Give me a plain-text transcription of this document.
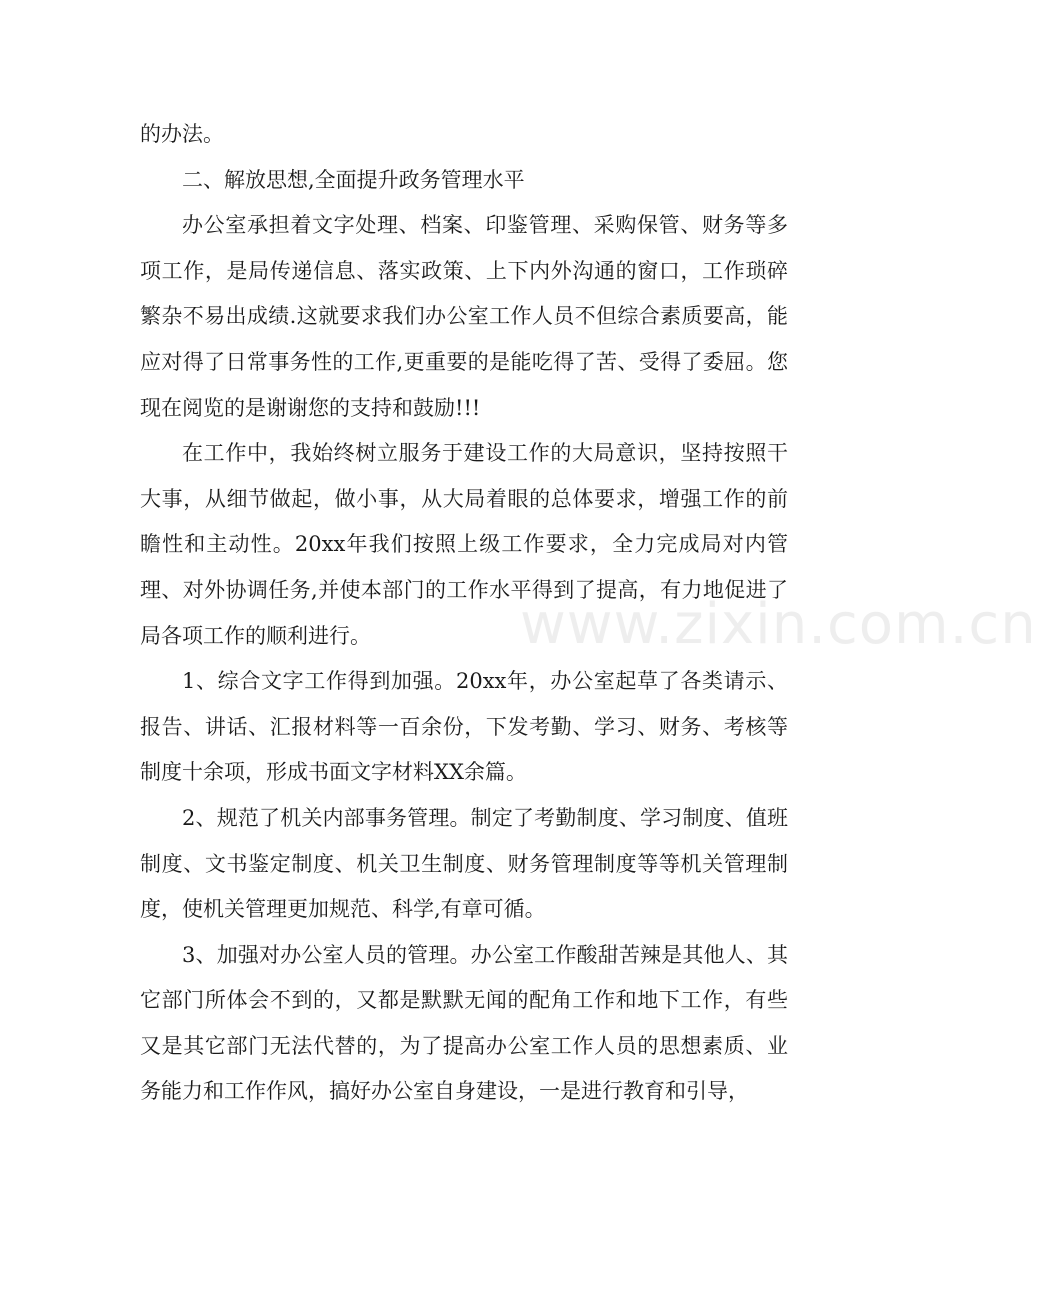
的办法。

二、解放思想,全面提升政务管理水平

办公室承担着文字处理、档案、印鉴管理、采购保管、财务等多项工作，是局传递信息、落实政策、上下内外沟通的窗口，工作琐碎繁杂不易出成绩.这就要求我们办公室工作人员不但综合素质要高，能应对得了日常事务性的工作,更重要的是能吃得了苦、受得了委屈。您现在阅览的是谢谢您的支持和鼓励!!!

在工作中，我始终树立服务于建设工作的大局意识，坚持按照干大事，从细节做起，做小事，从大局着眼的总体要求，增强工作的前瞻性和主动性。20xx年我们按照上级工作要求，全力完成局对内管理、对外协调任务,并使本部门的工作水平得到了提高，有力地促进了局各项工作的顺利进行。

1、综合文字工作得到加强。20xx年，办公室起草了各类请示、报告、讲话、汇报材料等一百余份，下发考勤、学习、财务、考核等制度十余项，形成书面文字材料XX余篇。

2、规范了机关内部事务管理。制定了考勤制度、学习制度、值班制度、文书鉴定制度、机关卫生制度、财务管理制度等等机关管理制度，使机关管理更加规范、科学,有章可循。

3、加强对办公室人员的管理。办公室工作酸甜苦辣是其他人、其它部门所体会不到的，又都是默默无闻的配角工作和地下工作，有些又是其它部门无法代替的，为了提高办公室工作人员的思想素质、业务能力和工作作风，搞好办公室自身建设，一是进行教育和引导，

www.zixin.com.cn
